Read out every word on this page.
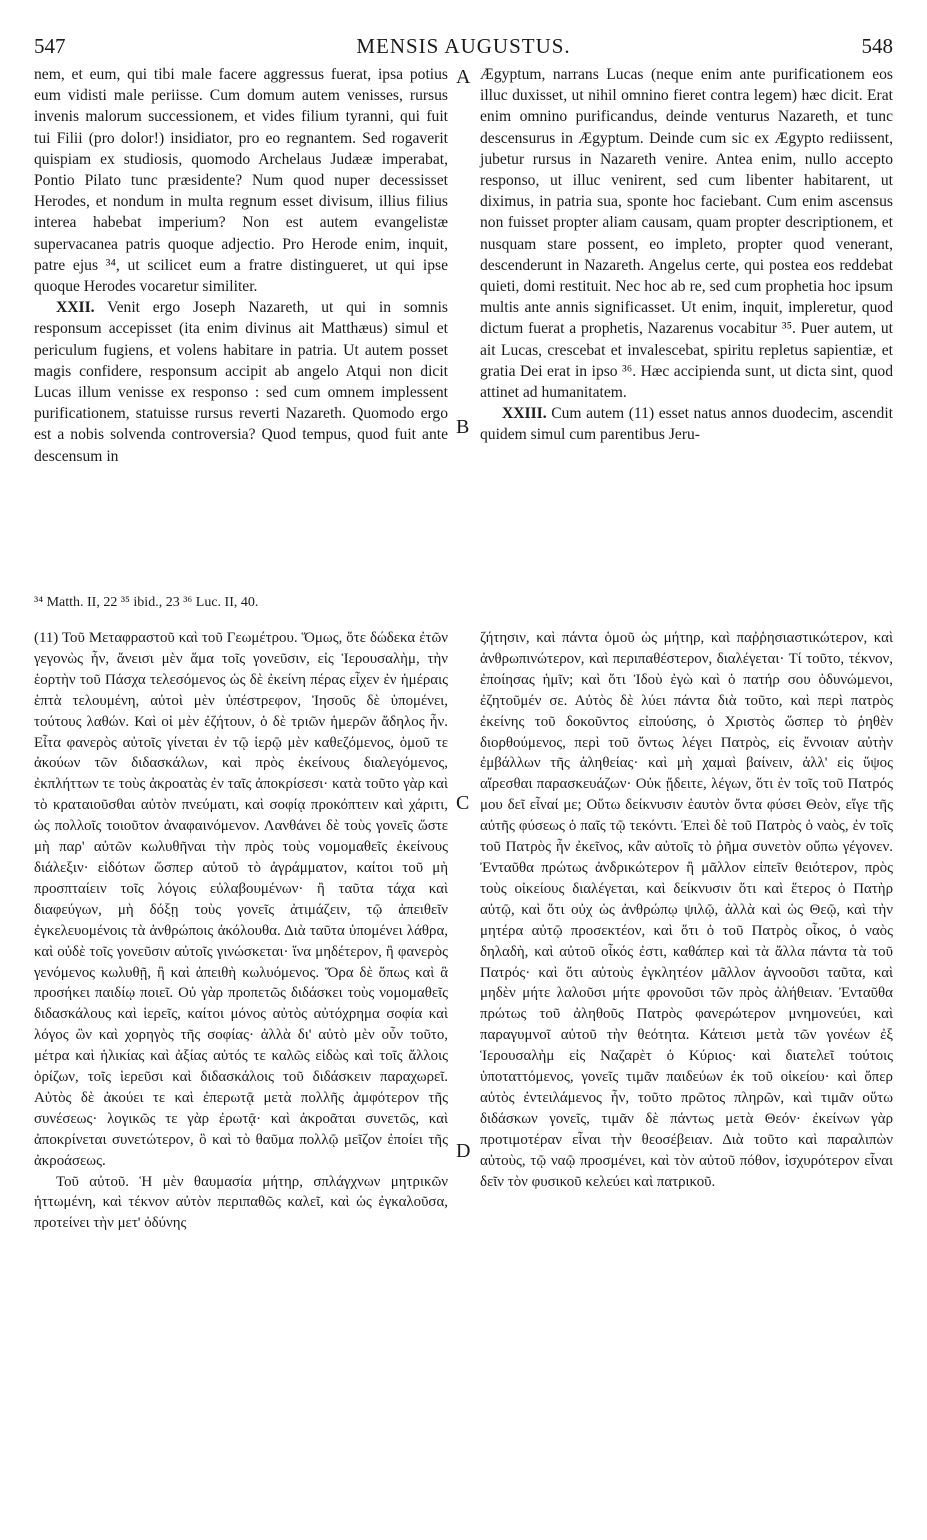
547	MENSIS AUGUSTUS.	548

nem, et eum, qui tibi male facere aggressus fuerat, ipsa potius eum vidisti male periisse. Cum domum autem venisses, rursus invenis malorum successionem, et vides filium tyranni, qui fuit tui Filii (pro dolor!) insidiator, pro eo regnantem. Sed rogaverit quispiam ex studiosis, quomodo Archelaus Judææ imperabat, Pontio Pilato tunc præsidente? Num quod nuper decessisset Herodes, et nondum in multa regnum esset divisum, illius filius interea habebat imperium? Non est autem evangelistæ supervacanea patris quoque adjectio. Pro Herode enim, inquit, patre ejus ³⁴, ut scilicet eum a fratre distingueret, ut qui ipse quoque Herodes vocaretur similiter.

XXII. Venit ergo Joseph Nazareth, ut qui in somnis responsum accepisset (ita enim divinus ait Matthæus) simul et periculum fugiens, et volens habitare in patria. Ut autem posset magis confidere, responsum accipit ab angelo Atqui non dicit Lucas illum venisse ex responso : sed cum omnem implessent purificationem, statuisse rursus reverti Nazareth. Quomodo ergo est a nobis solvenda controversia? Quod tempus, quod fuit ante descensum in

Ægyptum, narrans Lucas (neque enim ante purificationem eos illuc duxisset, ut nihil omnino fieret contra legem) hæc dicit. Erat enim omnino purificandus, deinde venturus Nazareth, et tunc descensurus in Ægyptum. Deinde cum sic ex Ægypto rediissent, jubetur rursus in Nazareth venire. Antea enim, nullo accepto responso, ut illuc venirent, sed cum libenter habitarent, ut diximus, in patria sua, sponte hoc faciebant. Cum enim ascensus non fuisset propter aliam causam, quam propter descriptionem, et nusquam stare possent, eo impleto, propter quod venerant, descenderunt in Nazareth. Angelus certe, qui postea eos reddebat quieti, domi restituit. Nec hoc ab re, sed cum prophetia hoc ipsum multis ante annis significasset. Ut enim, inquit, impleretur, quod dictum fuerat a prophetis, Nazarenus vocabitur ³⁵. Puer autem, ut ait Lucas, crescebat et invalescebat, spiritu repletus sapientiæ, et gratia Dei erat in ipso ³⁶. Hæc accipienda sunt, ut dicta sint, quod attinet ad humanitatem.

XXIII. Cum autem (11) esset natus annos duodecim, ascendit quidem simul cum parentibus Jeru-

³⁴ Matth. II, 22 ³⁵ ibid., 23 ³⁶ Luc. II, 40.

(11) Τοῦ Μεταφραστοῦ καὶ τοῦ Γεωμέτρου. Ὅμως, ὅτε δώδεκα ἐτῶν γεγονὼς ἦν, ἄνεισι μὲν ἅμα τοῖς γονεῦσιν, εἰς Ἱερουσαλὴμ, τὴν ἑορτὴν τοῦ Πάσχα τελεσόμενος ὡς δὲ ἐκείνη πέρας εἶχεν ἐν ἡμέραις ἑπτὰ τελουμένη, αὐτοὶ μὲν ὑπέστρεφον, Ἰησοῦς δὲ ὑπομένει, τούτους λαθών. Καὶ οἱ μὲν ἐζήτουν, ὁ δὲ τριῶν ἡμερῶν ἄδηλος ἦν. Εἶτα φανερὸς αὐτοῖς γίνεται ἐν τῷ ἱερῷ μὲν καθεζόμενος, ὁμοῦ τε ἀκούων τῶν διδασκάλων, καὶ πρὸς ἐκείνους διαλεγόμενος, ἐκπλήττων τε τοὺς ἀκροατὰς ἐν ταῖς ἀποκρίσεσι· κατὰ τοῦτο γὰρ καὶ τὸ κραταιοῦσθαι αὐτὸν πνεύματι, καὶ σοφίᾳ προκόπτειν καὶ χάριτι, ὡς πολλοῖς τοιοῦτον ἀναφαινόμενον. Λανθάνει δὲ τοὺς γονεῖς ὥστε μὴ παρ' αὐτῶν κωλυθῆναι τὴν πρὸς τοὺς νομομαθεῖς ἐκείνους διάλεξιν· εἰδότων ὥσπερ αὐτοῦ τὸ ἀγράμματον, καίτοι τοῦ μὴ προσπταίειν τοῖς λόγοις εὐλαβουμένων· ἢ ταῦτα τάχα καὶ διαφεύγων, μὴ δόξῃ τοὺς γονεῖς ἀτιμάζειν, τῷ ἀπειθεῖν ἐγκελευομένοις τὰ ἀνθρώποις ἀκόλουθα. Διὰ ταῦτα ὑπομένει λάθρα, καὶ οὐδὲ τοῖς γονεῦσιν αὐτοῖς γινώσκεται· ἵνα μηδέτερον, ἢ φανερὸς γενόμενος κωλυθῇ, ἢ καὶ ἀπειθὴ κωλυόμενος. Ὅρα δὲ ὅπως καὶ ἃ προσήκει παιδίῳ ποιεῖ. Οὐ γὰρ προπετῶς διδάσκει τοὺς νομομαθεῖς διδασκάλους καὶ ἱερεῖς, καίτοι μόνος αὐτὸς αὐτόχρημα σοφία καὶ λόγος ὢν καὶ χορηγὸς τῆς σοφίας· ἀλλὰ δι' αὐτὸ μὲν οὖν τοῦτο, μέτρα καὶ ἡλικίας καὶ ἀξίας αὐτός τε καλῶς εἰδὼς καὶ τοῖς ἄλλοις ὁρίζων, τοῖς ἱερεῦσι καὶ διδασκάλοις τοῦ διδάσκειν παραχωρεῖ. Αὐτὸς δὲ ἀκούει τε καὶ ἐπερωτᾷ μετὰ πολλῆς ἀμφότερον τῆς συνέσεως· λογικῶς τε γὰρ ἐρωτᾷ· καὶ ἀκροᾶται συνετῶς, καὶ ἀποκρίνεται συνετώτερον, ὃ καὶ τὸ θαῦμα πολλῷ μεῖζον ἐποίει τῆς ἀκροάσεως.

Τοῦ αὐτοῦ. Ἡ μὲν θαυμασία μήτηρ, σπλάγχνων μητρικῶν ἡττωμένη, καὶ τέκνον αὐτὸν περιπαθῶς καλεῖ, καὶ ὡς ἐγκαλοῦσα, προτείνει τὴν μετ' ὀδύνης

ζήτησιν, καὶ πάντα ὁμοῦ ὡς μήτηρ, καὶ παῤῥησιαστικώτερον, καὶ ἀνθρωπινώτερον, καὶ περιπαθέστερον, διαλέγεται· Τί τοῦτο, τέκνον, ἐποίησας ἡμῖν; καὶ ὅτι Ἰδοὺ ἐγὼ καὶ ὁ πατήρ σου ὀδυνώμενοι, ἐζητοῦμέν σε. Αὐτὸς δὲ λύει πάντα διὰ τοῦτο, καὶ περὶ πατρὸς ἐκείνης τοῦ δοκοῦντος εἰπούσης, ὁ Χριστὸς ὥσπερ τὸ ῥηθὲν διορθούμενος, περὶ τοῦ ὄντως λέγει Πατρὸς, εἰς ἔννοιαν αὐτὴν ἐμβάλλων τῆς ἀληθείας· καὶ μὴ χαμαὶ βαίνειν, ἀλλ' εἰς ὕψος αἴρεσθαι παρασκευάζων· Οὐκ ᾔδειτε, λέγων, ὅτι ἐν τοῖς τοῦ Πατρός μου δεῖ εἶναί με; Οὕτω δείκνυσιν ἑαυτὸν ὄντα φύσει Θεὸν, εἴγε τῆς αὐτῆς φύσεως ὁ παῖς τῷ τεκόντι. Ἐπεὶ δὲ τοῦ Πατρὸς ὁ ναὸς, ἐν τοῖς τοῦ Πατρὸς ἦν ἐκεῖνος, κἂν αὐτοῖς τὸ ῥῆμα συνετὸν οὔπω γέγονεν. Ἐνταῦθα πρώτως ἀνδρικώτερον ἢ μᾶλλον εἰπεῖν θειότερον, πρὸς τοὺς οἰκείους διαλέγεται, καὶ δείκνυσιν ὅτι καὶ ἕτερος ὁ Πατὴρ αὐτῷ, καὶ ὅτι οὐχ ὡς ἀνθρώπῳ ψιλῷ, ἀλλὰ καὶ ὡς Θεῷ, καὶ τὴν μητέρα αὐτῷ προσεκτέον, καὶ ὅτι ὁ τοῦ Πατρὸς οἶκος, ὁ ναὸς δηλαδὴ, καὶ αὐτοῦ οἶκός ἐστι, καθάπερ καὶ τὰ ἄλλα πάντα τὰ τοῦ Πατρός· καὶ ὅτι αὐτοὺς ἐγκλητέον μᾶλλον ἀγνοοῦσι ταῦτα, καὶ μηδὲν μήτε λαλοῦσι μήτε φρονοῦσι τῶν πρὸς ἀλήθειαν. Ἐνταῦθα πρώτως τοῦ ἀληθοῦς Πατρὸς φανερώτερον μνημονεύει, καὶ παραγυμνοῖ αὐτοῦ τὴν θεότητα. Κάτεισι μετὰ τῶν γονέων ἐξ Ἱερουσαλὴμ εἰς Ναζαρὲτ ὁ Κύριος· καὶ διατελεῖ τούτοις ὑποταττόμενος, γονεῖς τιμᾶν παιδεύων ἐκ τοῦ οἰκείου· καὶ ὅπερ αὐτὸς ἐντειλάμενος ἦν, τοῦτο πρῶτος πληρῶν, καὶ τιμᾶν οὕτω διδάσκων γονεῖς, τιμᾶν δὲ πάντως μετὰ Θεόν· ἐκείνων γὰρ προτιμοτέραν εἶναι τὴν θεοσέβειαν. Διὰ τοῦτο καὶ παραλιπὼν αὐτοὺς, τῷ ναῷ προσμένει, καὶ τὸν αὐτοῦ πόθον, ἰσχυρότερον εἶναι δεῖν τὸν φυσικοῦ κελεύει καὶ πατρικοῦ.

A
B
C
D
